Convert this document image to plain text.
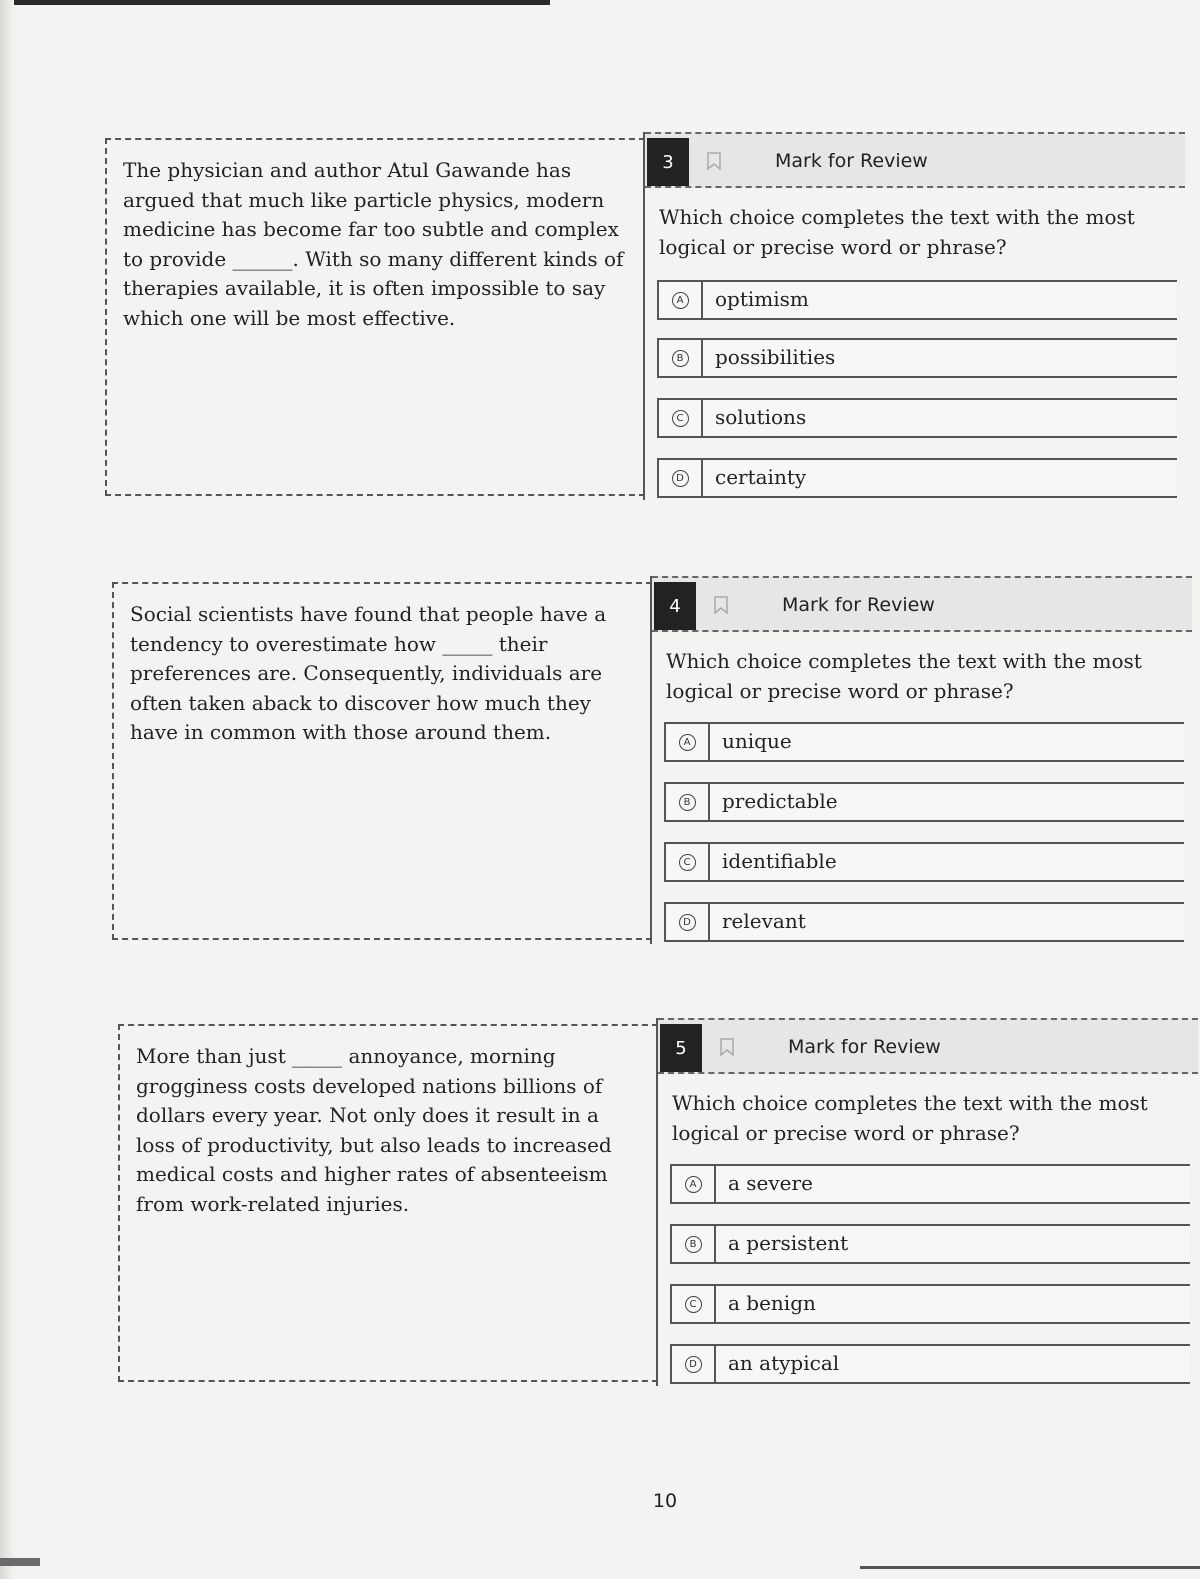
The physician and author Atul Gawande has argued that much like particle physics, modern medicine has become far too subtle and complex to provide ______. With so many different kinds of therapies available, it is often impossible to say which one will be most effective.
3	Mark for Review
Which choice completes the text with the most logical or precise word or phrase?
A optimism
B possibilities
C solutions
D certainty
Social scientists have found that people have a tendency to overestimate how _____ their preferences are. Consequently, individuals are often taken aback to discover how much they have in common with those around them.
4	Mark for Review
Which choice completes the text with the most logical or precise word or phrase?
A unique
B predictable
C identifiable
D relevant
More than just _____ annoyance, morning grogginess costs developed nations billions of dollars every year. Not only does it result in a loss of productivity, but also leads to increased medical costs and higher rates of absenteeism from work-related injuries.
5	Mark for Review
Which choice completes the text with the most logical or precise word or phrase?
A a severe
B a persistent
C a benign
D an atypical
10
